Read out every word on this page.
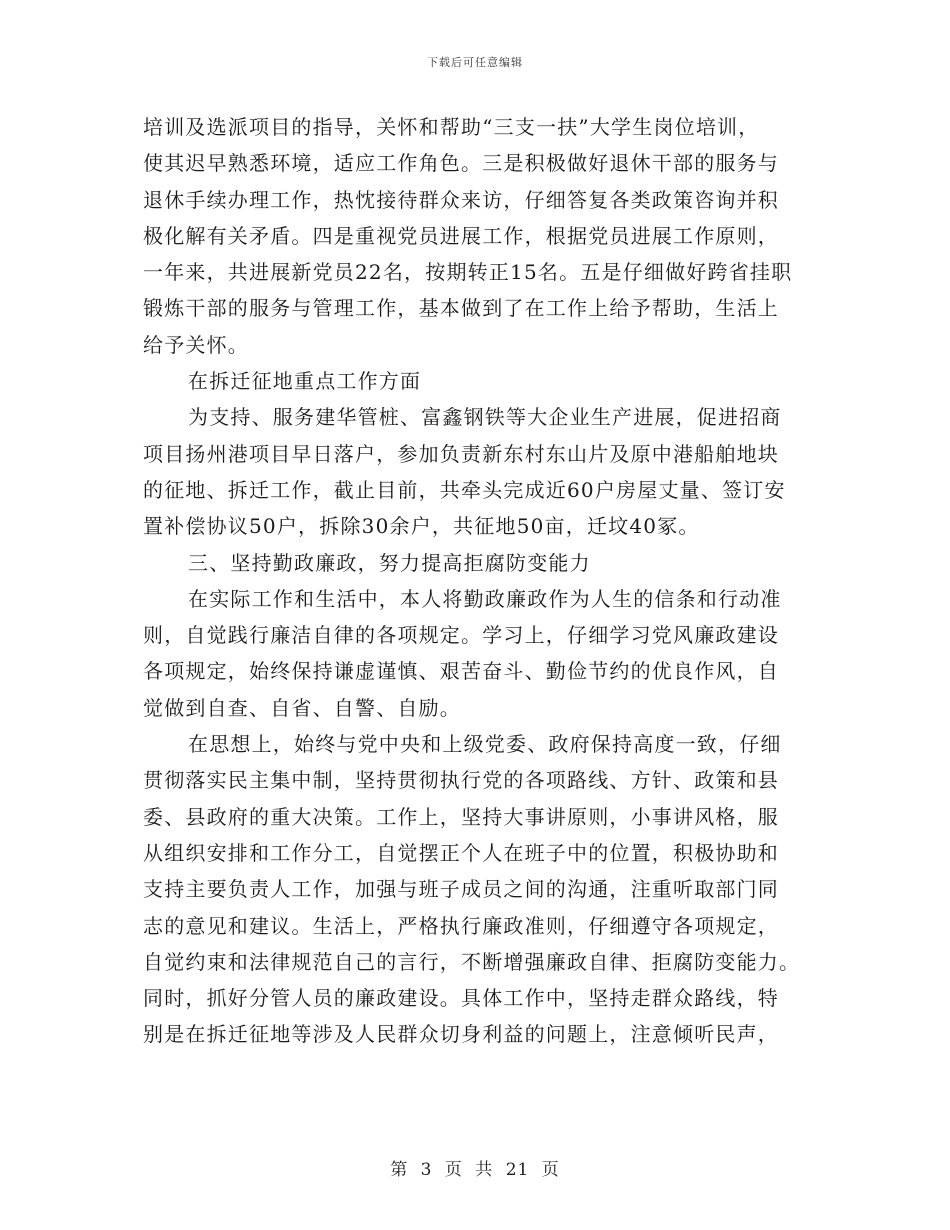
下载后可任意编辑
培训及选派项目的指导，关怀和帮助“三支一扶”大学生岗位培训，
使其迟早熟悉环境，适应工作角色。三是积极做好退休干部的服务与
退休手续办理工作，热忱接待群众来访，仔细答复各类政策咨询并积
极化解有关矛盾。四是重视党员进展工作，根据党员进展工作原则，
一年来，共进展新党员22名，按期转正15名。五是仔细做好跨省挂职
锻炼干部的服务与管理工作，基本做到了在工作上给予帮助，生活上
给予关怀。
在拆迁征地重点工作方面
为支持、服务建华管桩、富鑫钢铁等大企业生产进展，促进招商
项目扬州港项目早日落户，参加负责新东村东山片及原中港船舶地块
的征地、拆迁工作，截止目前，共牵头完成近60户房屋丈量、签订安
置补偿协议50户，拆除30余户，共征地50亩，迁坟40冢。
三、坚持勤政廉政，努力提高拒腐防变能力
在实际工作和生活中，本人将勤政廉政作为人生的信条和行动准
则，自觉践行廉洁自律的各项规定。学习上，仔细学习党风廉政建设
各项规定，始终保持谦虚谨慎、艰苦奋斗、勤俭节约的优良作风，自
觉做到自查、自省、自警、自励。
在思想上，始终与党中央和上级党委、政府保持高度一致，仔细
贯彻落实民主集中制，坚持贯彻执行党的各项路线、方针、政策和县
委、县政府的重大决策。工作上，坚持大事讲原则，小事讲风格，服
从组织安排和工作分工，自觉摆正个人在班子中的位置，积极协助和
支持主要负责人工作，加强与班子成员之间的沟通，注重听取部门同
志的意见和建议。生活上，严格执行廉政准则，仔细遵守各项规定，
自觉约束和法律规范自己的言行，不断增强廉政自律、拒腐防变能力。
同时，抓好分管人员的廉政建设。具体工作中，坚持走群众路线，特
别是在拆迁征地等涉及人民群众切身利益的问题上，注意倾听民声，
第 3 页 共 21 页
